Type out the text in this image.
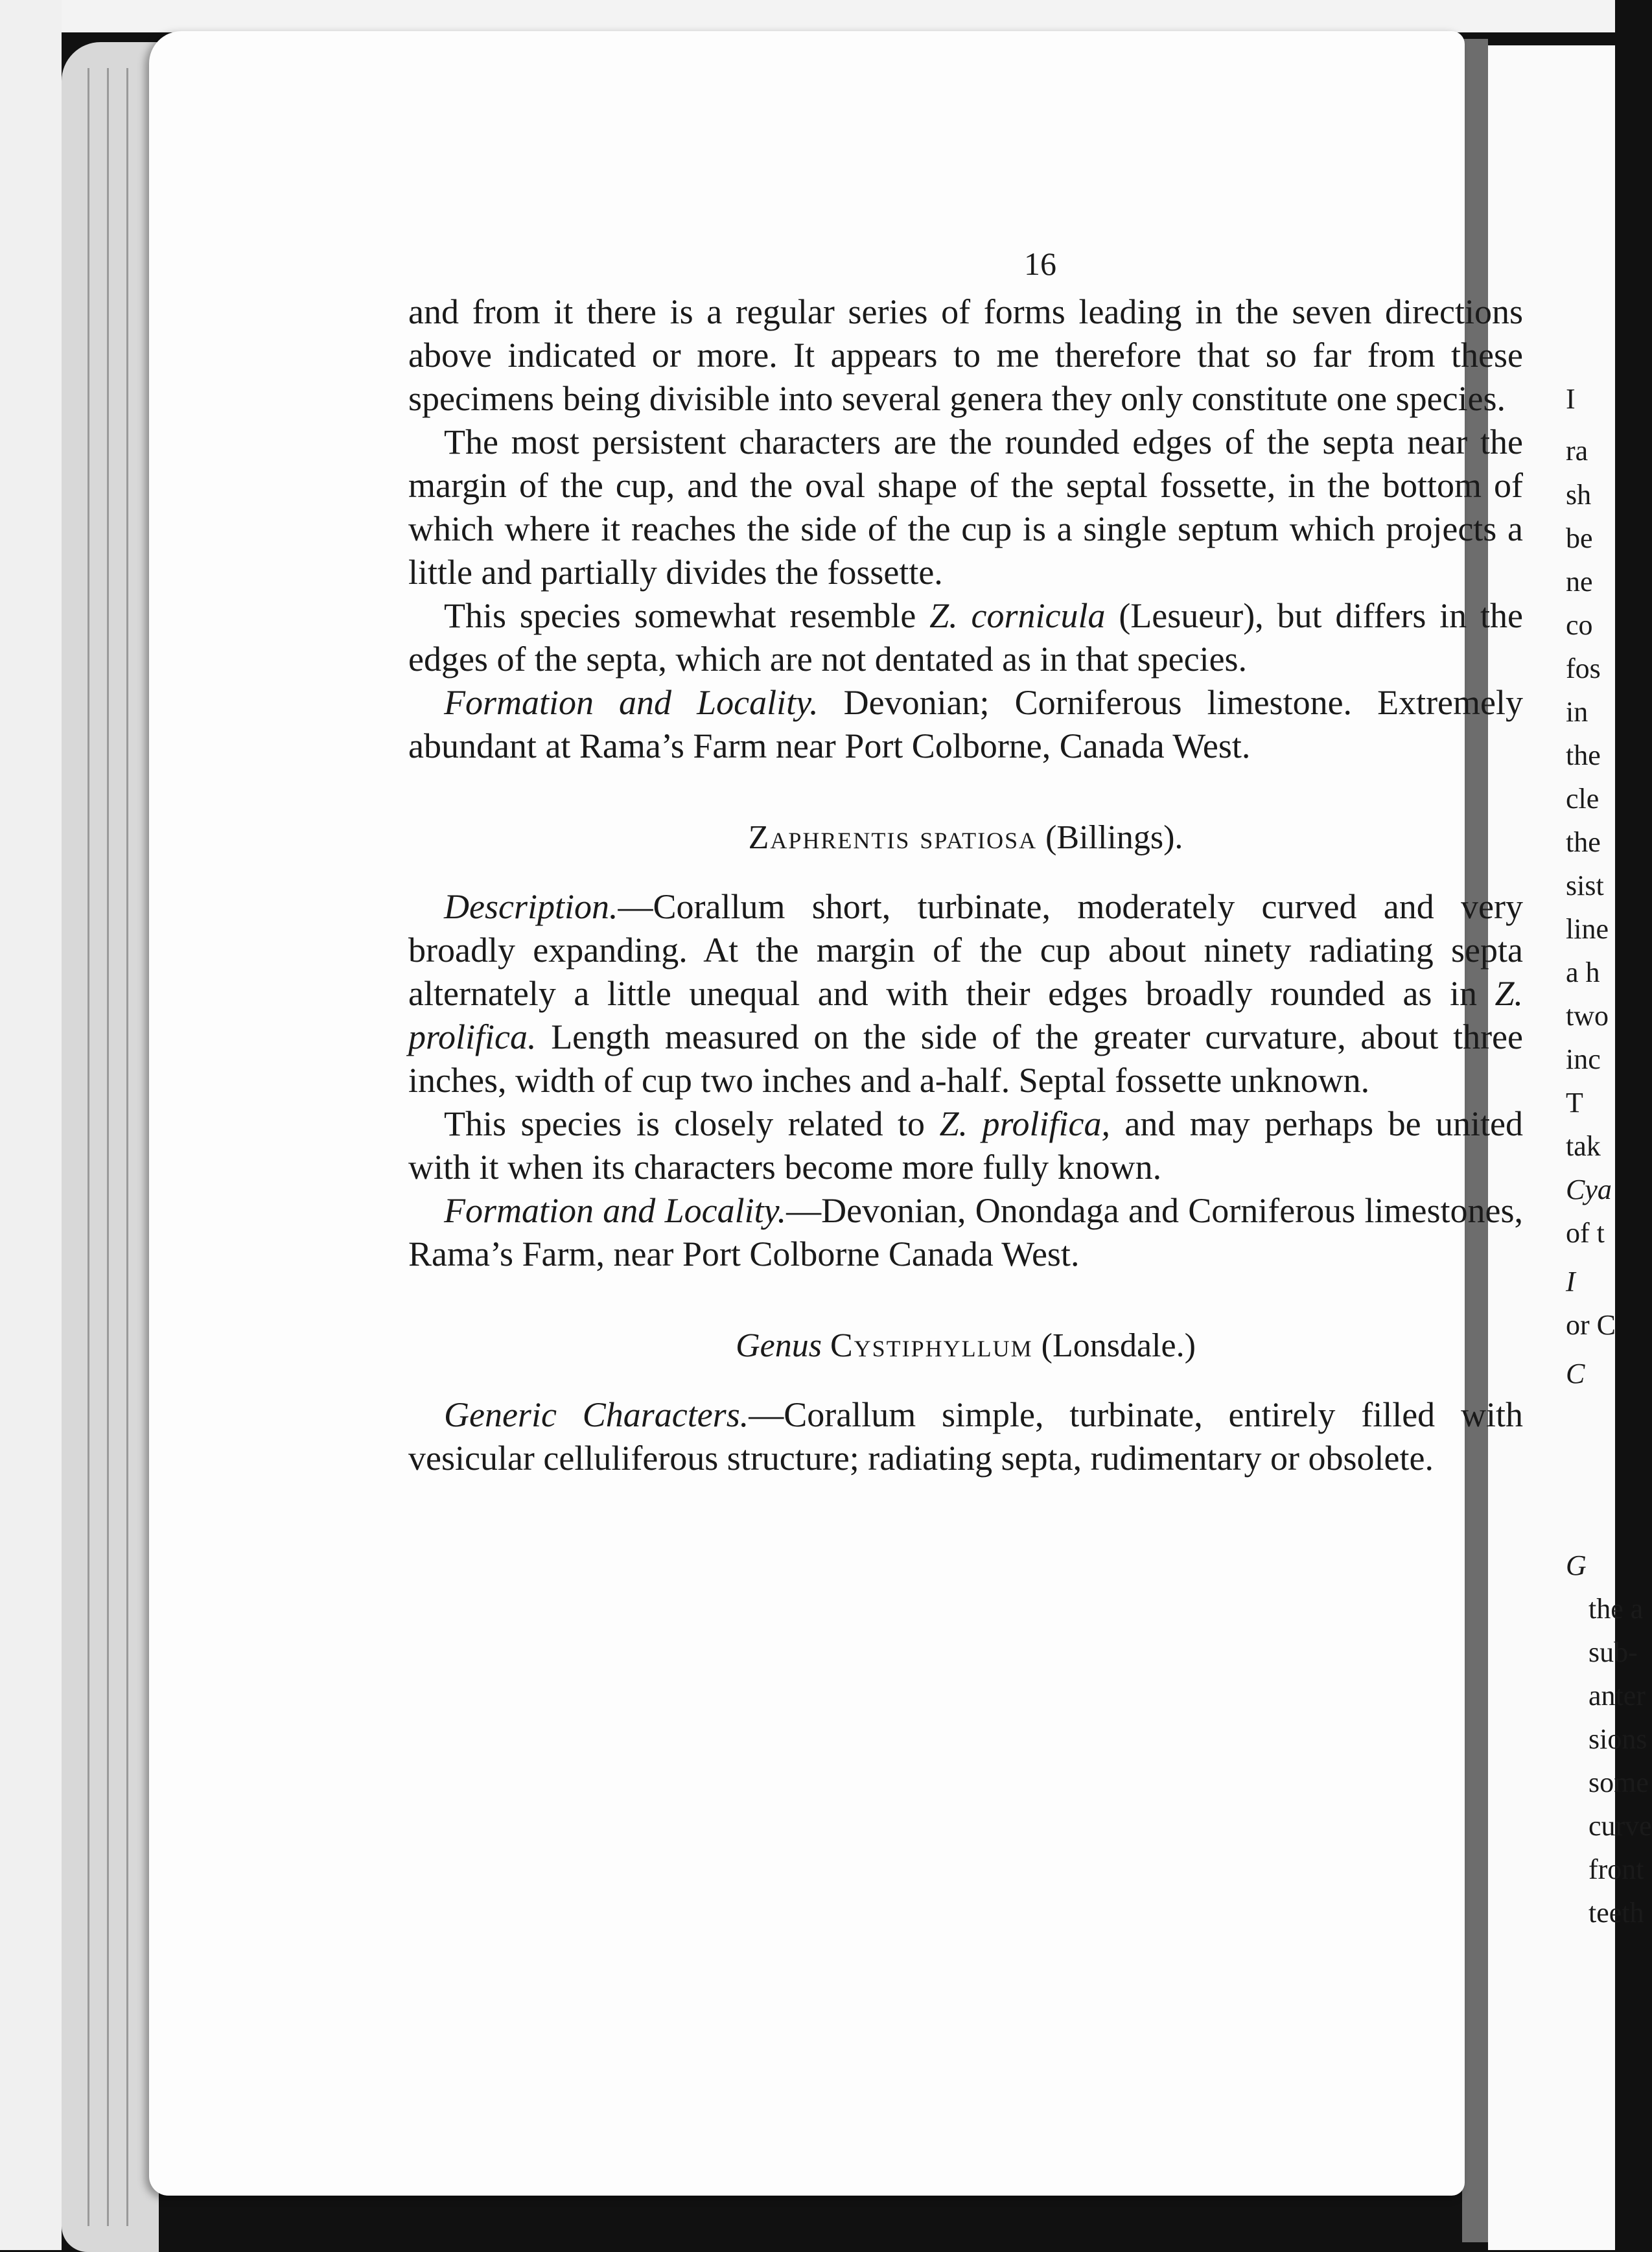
I
ra
sh
be
ne
co
fos
in
the
cle
the
sist
line
a h
two
inc
T
tak
Cya
of t
I
or C
C
G
the a
sub-
anter
sions
some
curve
front
teeth
16

and from it there is a regular series of forms leading in the seven directions above indicated or more. It appears to me therefore that so far from these specimens being divisible into several genera they only constitute one species.

The most persistent characters are the rounded edges of the septa near the margin of the cup, and the oval shape of the septal fossette, in the bottom of which where it reaches the side of the cup is a single septum which projects a little and partially divides the fossette.

This species somewhat resemble Z. cornicula (Lesueur), but differs in the edges of the septa, which are not dentated as in that species.

Formation and Locality. Devonian; Corniferous limestone. Extremely abundant at Rama’s Farm near Port Colborne, Canada West.

Zaphrentis spatiosa (Billings).

Description.—Corallum short, turbinate, moderately curved and very broadly expanding. At the margin of the cup about ninety radiating septa alternately a little unequal and with their edges broadly rounded as in Z. prolifica. Length measured on the side of the greater curvature, about three inches, width of cup two inches and a-half. Septal fossette unknown.

This species is closely related to Z. prolifica, and may perhaps be united with it when its characters become more fully known.

Formation and Locality.—Devonian, Onondaga and Corniferous limestones, Rama’s Farm, near Port Colborne Canada West.

Genus Cystiphyllum (Lonsdale.)

Generic Characters.—Corallum simple, turbinate, entirely filled with vesicular celluliferous structure; radiating septa, rudimentary or obsolete.
